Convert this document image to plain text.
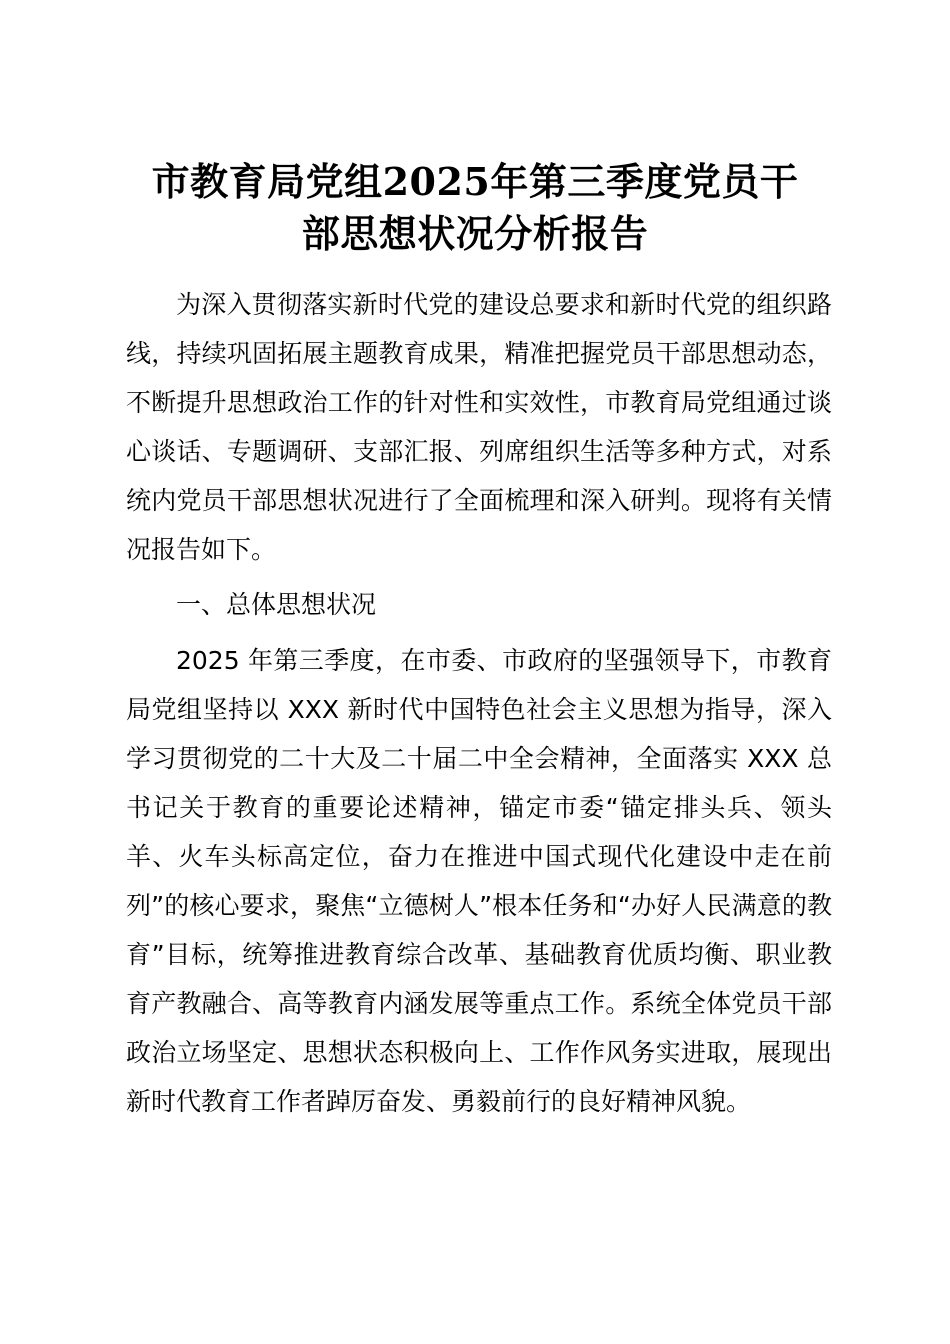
市教育局党组2025年第三季度党员干
部思想状况分析报告

为深入贯彻落实新时代党的建设总要求和新时代党的组织路线，持续巩固拓展主题教育成果，精准把握党员干部思想动态，不断提升思想政治工作的针对性和实效性，市教育局党组通过谈心谈话、专题调研、支部汇报、列席组织生活等多种方式，对系统内党员干部思想状况进行了全面梳理和深入研判。现将有关情况报告如下。

一、总体思想状况

2025 年第三季度，在市委、市政府的坚强领导下，市教育局党组坚持以 XXX 新时代中国特色社会主义思想为指导，深入学习贯彻党的二十大及二十届二中全会精神，全面落实 XXX 总书记关于教育的重要论述精神，锚定市委“锚定排头兵、领头羊、火车头标高定位，奋力在推进中国式现代化建设中走在前列”的核心要求，聚焦“立德树人”根本任务和“办好人民满意的教育”目标，统筹推进教育综合改革、基础教育优质均衡、职业教育产教融合、高等教育内涵发展等重点工作。系统全体党员干部政治立场坚定、思想状态积极向上、工作作风务实进取，展现出新时代教育工作者踔厉奋发、勇毅前行的良好精神风貌。
